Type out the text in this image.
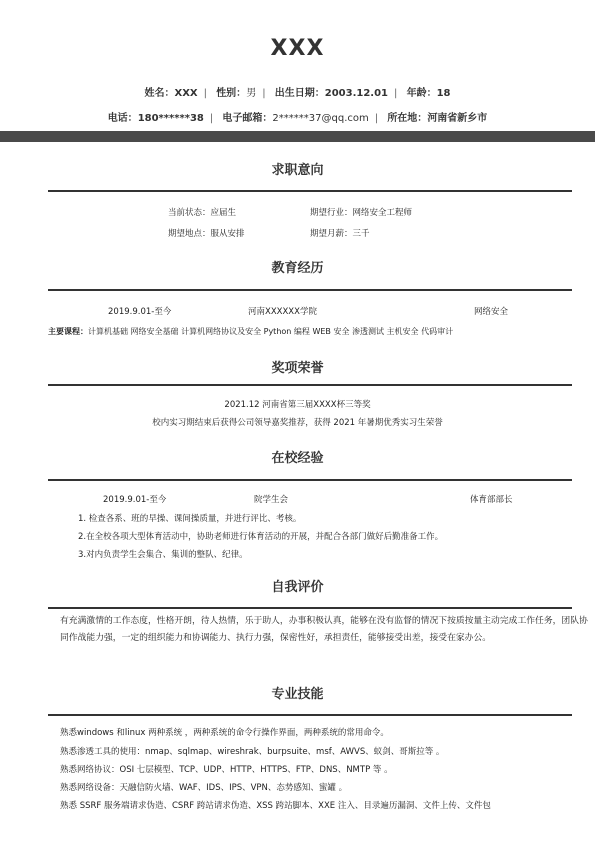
XXX
姓名：XXX | 性别：男 | 出生日期：2003.12.01 | 年龄：18
电话：180******38 | 电子邮箱：2******37@qq.com | 所在地：河南省新乡市
求职意向
当前状态：应届生	期望行业：网络安全工程师
期望地点：服从安排	期望月薪：三千
教育经历
2019.9.01-至今	河南XXXXXX学院	网络安全
主要课程：计算机基础 网络安全基础 计算机网络协议及安全 Python 编程 WEB 安全 渗透测试 主机安全 代码审计
奖项荣誉
2021.12 河南省第三届XXXX杯三等奖
校内实习期结束后获得公司领导嘉奖推荐，获得 2021 年暑期优秀实习生荣誉
在校经验
2019.9.01-至今	院学生会	体育部部长
1. 检查各系、班的早操、课间操质量，并进行评比、考核。
2.在全校各项大型体育活动中，协助老师进行体育活动的开展，并配合各部门做好后勤准备工作。
3.对内负责学生会集合、集训的整队、纪律。
自我评价
有充满激情的工作态度，性格开朗，待人热情，乐于助人，办事积极认真，能够在没有监督的情况下按质按量主动完成工作任务，团队协同作战能力强，一定的组织能力和协调能力、执行力强，保密性好，承担责任，能够接受出差，接受在家办公。
专业技能
熟悉windows 和linux 两种系统 ，两种系统的命令行操作界面，两种系统的常用命令。
熟悉渗透工具的使用：nmap、sqlmap、wireshrak、burpsuite、msf、AWVS、蚁剑、哥斯拉等 。
熟悉网络协议：OSI 七层模型、TCP、UDP、HTTP、HTTPS、FTP、DNS、NMTP 等 。
熟悉网络设备：天融信防火墙、WAF、IDS、IPS、VPN、态势感知、蜜罐 。
熟悉 SSRF 服务端请求伪造、CSRF 跨站请求伪造、XSS 跨站脚本、XXE 注入、目录遍历漏洞、文件上传、文件包
